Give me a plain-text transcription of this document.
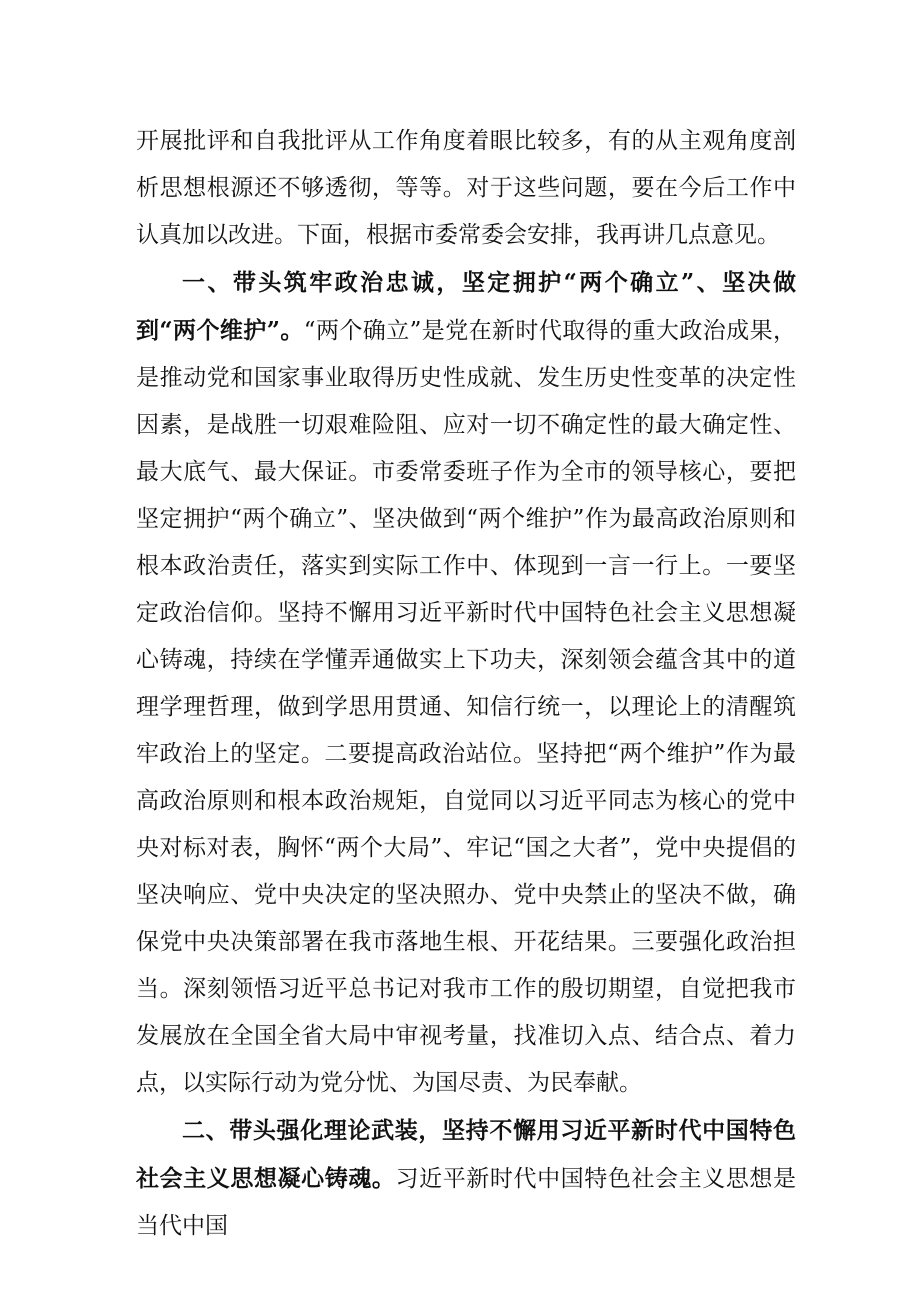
开展批评和自我批评从工作角度着眼比较多，有的从主观角度剖析思想根源还不够透彻，等等。对于这些问题，要在今后工作中认真加以改进。下面，根据市委常委会安排，我再讲几点意见。

一、带头筑牢政治忠诚，坚定拥护“两个确立”、坚决做到“两个维护”。“两个确立”是党在新时代取得的重大政治成果，是推动党和国家事业取得历史性成就、发生历史性变革的决定性因素，是战胜一切艰难险阻、应对一切不确定性的最大确定性、最大底气、最大保证。市委常委班子作为全市的领导核心，要把坚定拥护“两个确立”、坚决做到“两个维护”作为最高政治原则和根本政治责任，落实到实际工作中、体现到一言一行上。一要坚定政治信仰。坚持不懈用习近平新时代中国特色社会主义思想凝心铸魂，持续在学懂弄通做实上下功夫，深刻领会蕴含其中的道理学理哲理，做到学思用贯通、知信行统一，以理论上的清醒筑牢政治上的坚定。二要提高政治站位。坚持把“两个维护”作为最高政治原则和根本政治规矩，自觉同以习近平同志为核心的党中央对标对表，胸怀“两个大局”、牢记“国之大者”，党中央提倡的坚决响应、党中央决定的坚决照办、党中央禁止的坚决不做，确保党中央决策部署在我市落地生根、开花结果。三要强化政治担当。深刻领悟习近平总书记对我市工作的殷切期望，自觉把我市发展放在全国全省大局中审视考量，找准切入点、结合点、着力点，以实际行动为党分忧、为国尽责、为民奉献。

二、带头强化理论武装，坚持不懈用习近平新时代中国特色社会主义思想凝心铸魂。习近平新时代中国特色社会主义思想是当代中国
